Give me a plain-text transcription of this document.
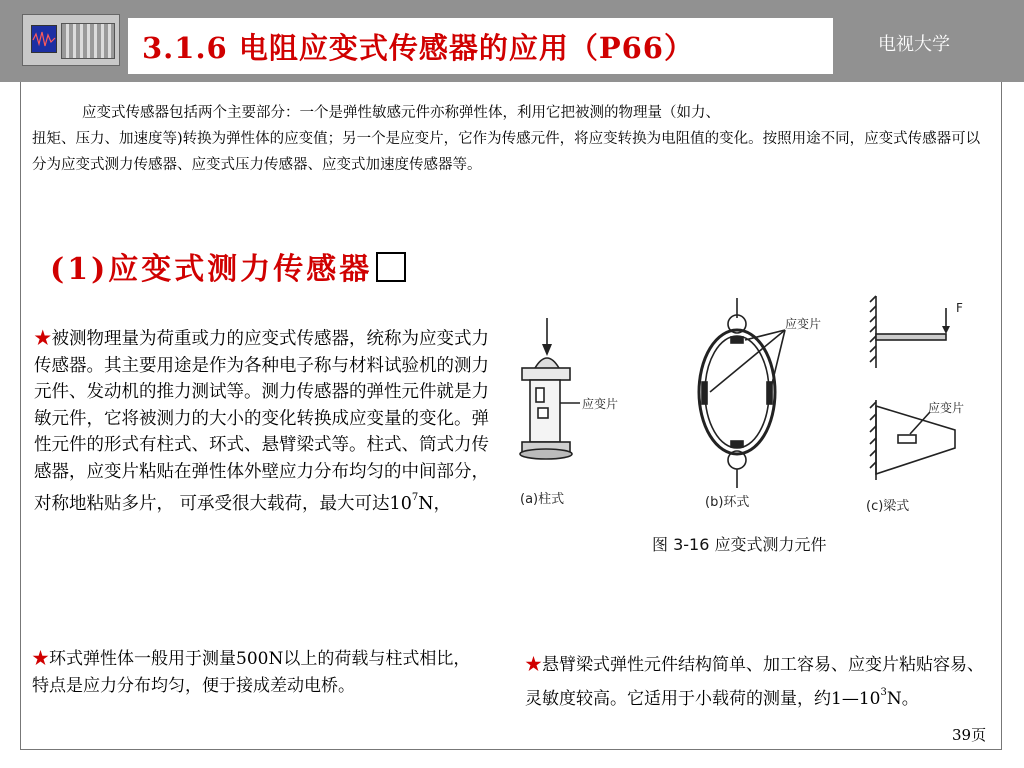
3.1.6 电阻应变式传感器的应用（P66）	电视大学
应变式传感器包括两个主要部分：一个是弹性敏感元件亦称弹性体，利用它把被测的物理量（如力、
扭矩、压力、加速度等)转换为弹性体的应变值；另一个是应变片，它作为传感元件，将应变转换为电阻值的变化。按照用途不同，应变式传感器可以分为应变式测力传感器、应变式压力传感器、应变式加速度传感器等。
(1)应变式测力传感器
★被测物理量为荷重或力的应变式传感器，统称为应变式力传感器。其主要用途是作为各种电子称与材料试验机的测力元件、发动机的推力测试等。测力传感器的弹性元件就是力敏元件，它将被测力的大小的变化转换成应变量的变化。弹性元件的形式有柱式、环式、悬臂梁式等。柱式、筒式力传感器，应变片粘贴在弹性体外壁应力分布均匀的中间部分，对称地粘贴多片， 可承受很大载荷，最大可达$10^7N$，
★环式弹性体一般用于测量500N以上的荷载与柱式相比，特点是应力分布均匀，便于接成差动电桥。
★悬臂梁式弹性元件结构简单、加工容易、应变片粘贴容易、灵敏度较高。它适用于小载荷的测量，约$1—10^3N$。
应变片
(a)柱式
应变片
(b)环式
F
应变片
(c)梁式
图 3-16 应变式测力元件
39页
